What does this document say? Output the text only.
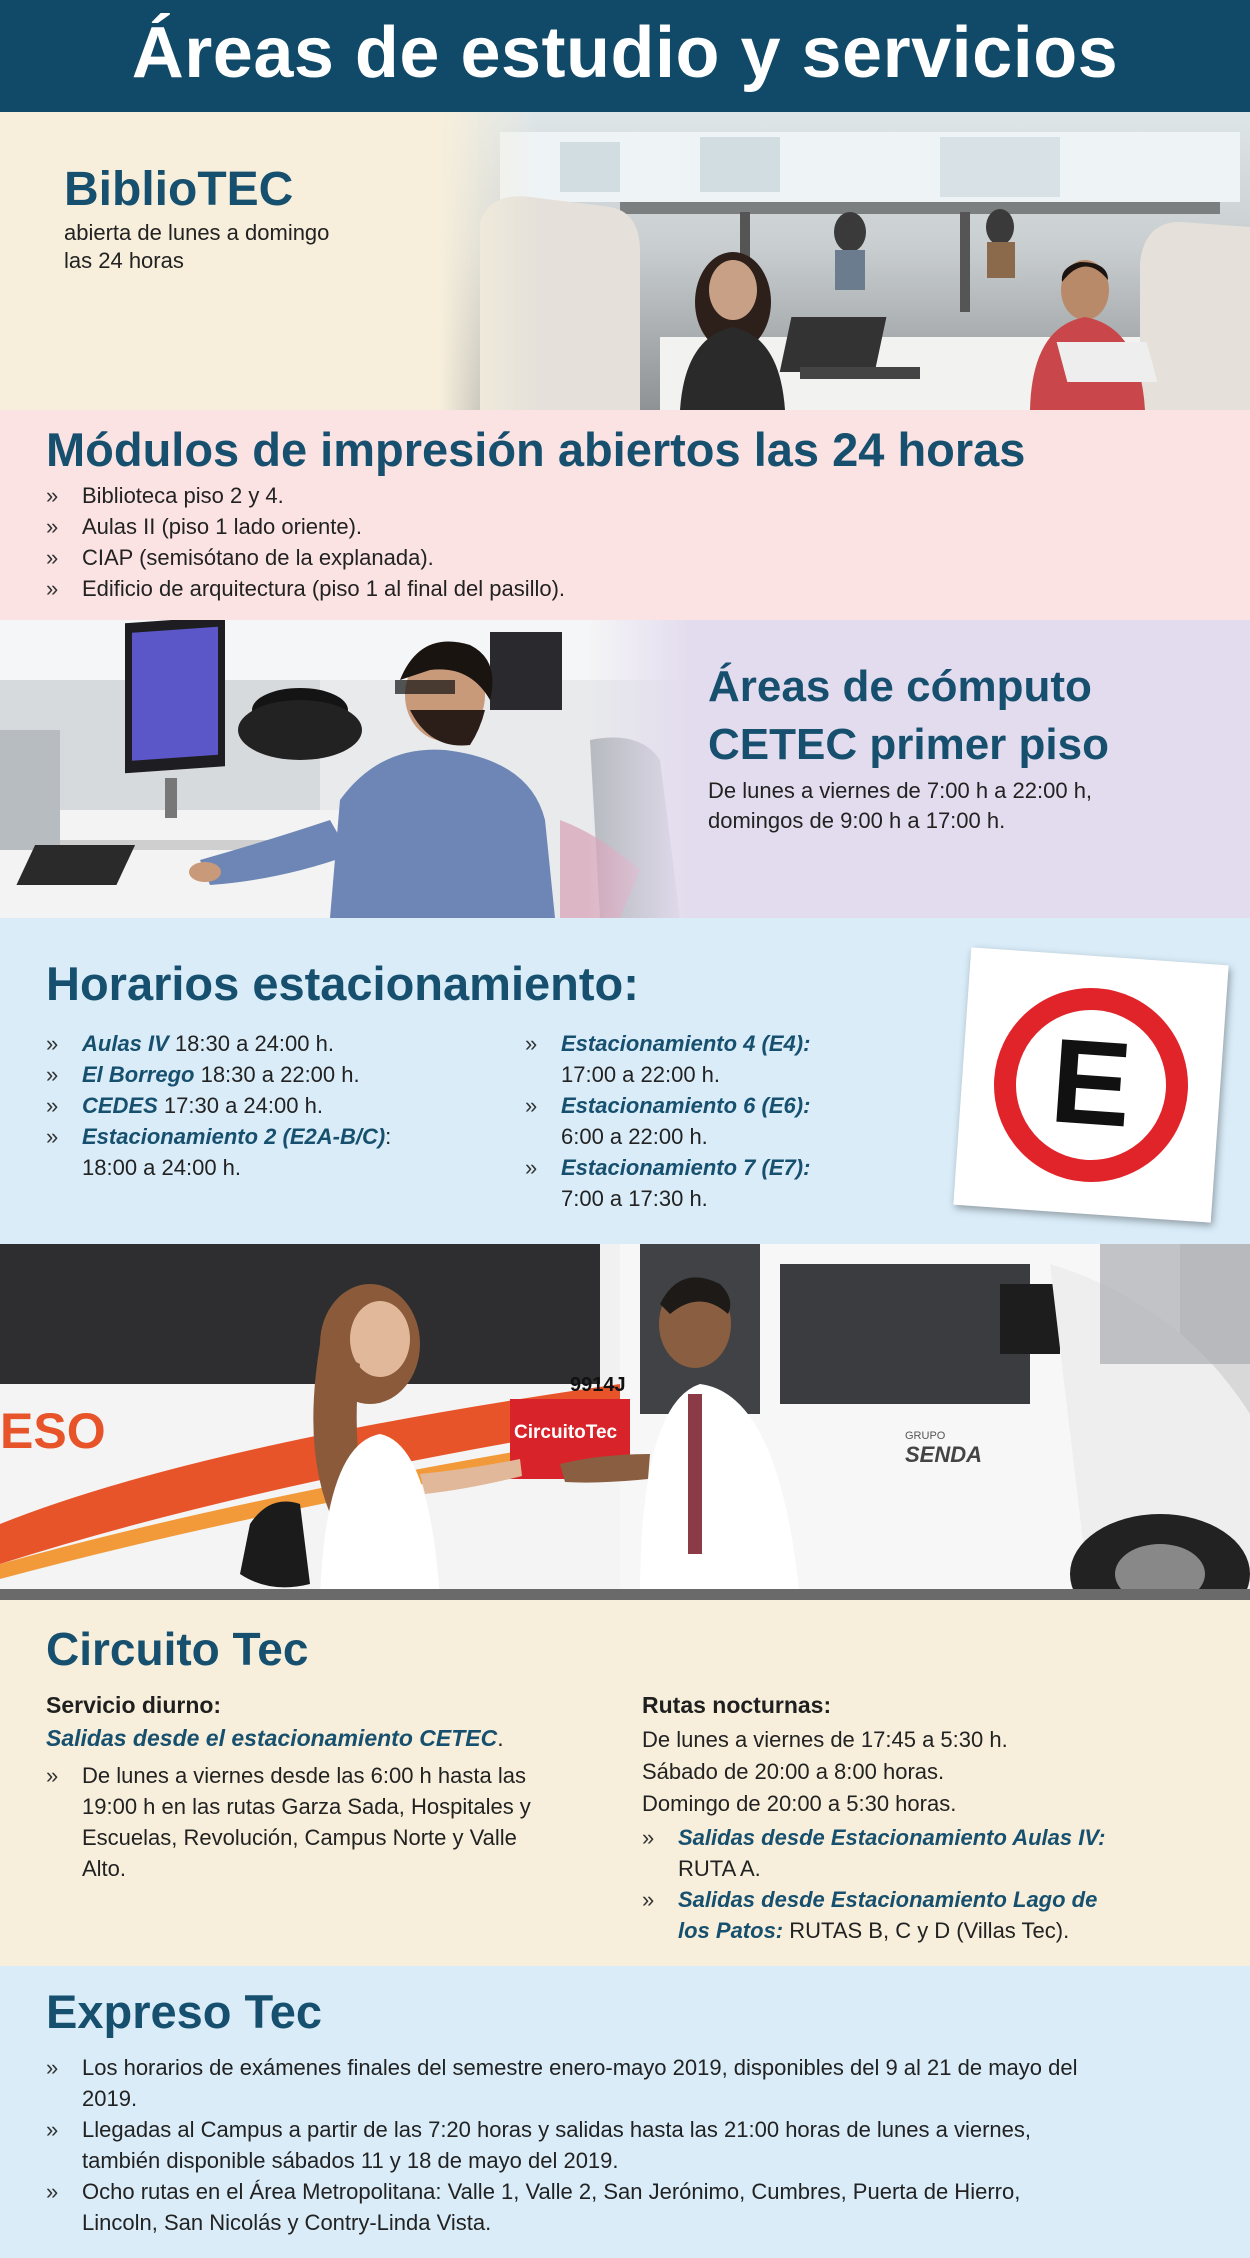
Áreas de estudio y servicios
BiblioTEC
abierta de lunes a domingo
las 24 horas
Módulos de impresión abiertos las 24 horas
» Biblioteca piso 2 y 4.
» Aulas II (piso 1 lado oriente).
» CIAP (semisótano de la explanada).
» Edificio de arquitectura (piso 1 al final del pasillo).
Áreas de cómputo
CETEC primer piso
De lunes a viernes de 7:00 h a 22:00 h,
domingos de 9:00 h a 17:00 h.
Horarios estacionamiento:
» Aulas IV 18:30 a 24:00 h.
» El Borrego 18:30 a 22:00 h.
» CEDES 17:30 a 24:00 h.
» Estacionamiento 2 (E2A-B/C):
18:00 a 24:00 h.
» Estacionamiento 4 (E4):
17:00 a 22:00 h.
» Estacionamiento 6 (E6):
6:00 a 22:00 h.
» Estacionamiento 7 (E7):
7:00 a 17:30 h.
E
ESO
9914J
CircuitoTec	GRUPO
SENDA
Circuito Tec
Servicio diurno:
Salidas desde el estacionamiento CETEC.
» De lunes a viernes desde las 6:00 h hasta las
19:00 h en las rutas Garza Sada, Hospitales y
Escuelas, Revolución, Campus Norte y Valle
Alto.
Rutas nocturnas:
De lunes a viernes de 17:45 a 5:30 h.
Sábado de 20:00 a 8:00 horas.
Domingo de 20:00 a 5:30 horas.
» Salidas desde Estacionamiento Aulas IV:
RUTA A.
» Salidas desde Estacionamiento Lago de
los Patos: RUTAS B, C y D (Villas Tec).
Expreso Tec
» Los horarios de exámenes finales del semestre enero-mayo 2019, disponibles del 9 al 21 de mayo del
2019.
» Llegadas al Campus a partir de las 7:20 horas y salidas hasta las 21:00 horas de lunes a viernes,
también disponible sábados 11 y 18 de mayo del 2019.
» Ocho rutas en el Área Metropolitana: Valle 1, Valle 2, San Jerónimo, Cumbres, Puerta de Hierro,
Lincoln, San Nicolás y Contry-Linda Vista.
